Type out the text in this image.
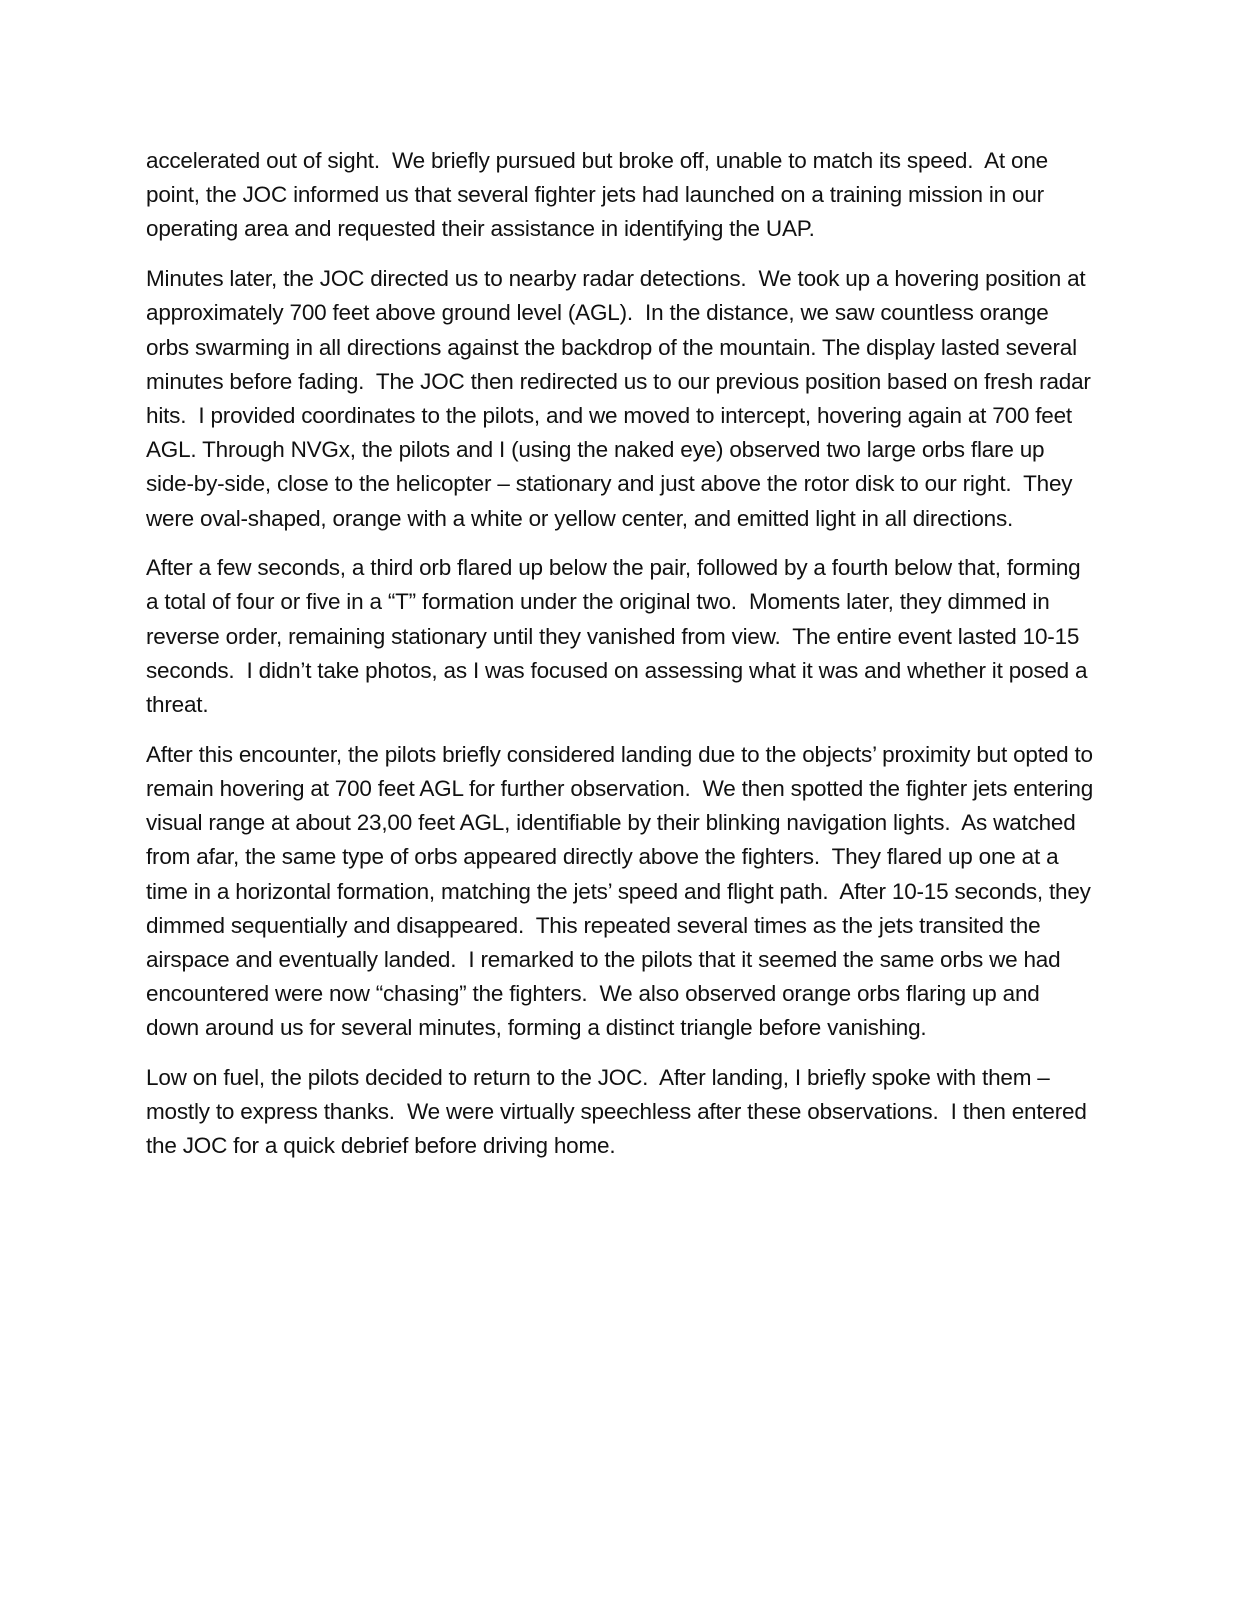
accelerated out of sight.  We briefly pursued but broke off, unable to match its speed.  At one point, the JOC informed us that several fighter jets had launched on a training mission in our operating area and requested their assistance in identifying the UAP.

Minutes later, the JOC directed us to nearby radar detections.  We took up a hovering position at approximately 700 feet above ground level (AGL).  In the distance, we saw countless orange orbs swarming in all directions against the backdrop of the mountain. The display lasted several minutes before fading.  The JOC then redirected us to our previous position based on fresh radar hits.  I provided coordinates to the pilots, and we moved to intercept, hovering again at 700 feet AGL. Through NVGx, the pilots and I (using the naked eye) observed two large orbs flare up side-by-side, close to the helicopter – stationary and just above the rotor disk to our right.  They were oval-shaped, orange with a white or yellow center, and emitted light in all directions.

After a few seconds, a third orb flared up below the pair, followed by a fourth below that, forming a total of four or five in a “T” formation under the original two.  Moments later, they dimmed in reverse order, remaining stationary until they vanished from view.  The entire event lasted 10-15 seconds.  I didn’t take photos, as I was focused on assessing what it was and whether it posed a threat.

After this encounter, the pilots briefly considered landing due to the objects’ proximity but opted to remain hovering at 700 feet AGL for further observation.  We then spotted the fighter jets entering visual range at about 23,00 feet AGL, identifiable by their blinking navigation lights.  As watched from afar, the same type of orbs appeared directly above the fighters.  They flared up one at a time in a horizontal formation, matching the jets’ speed and flight path.  After 10-15 seconds, they dimmed sequentially and disappeared.  This repeated several times as the jets transited the airspace and eventually landed.  I remarked to the pilots that it seemed the same orbs we had encountered were now “chasing” the fighters.  We also observed orange orbs flaring up and down around us for several minutes, forming a distinct triangle before vanishing.

Low on fuel, the pilots decided to return to the JOC.  After landing, I briefly spoke with them – mostly to express thanks.  We were virtually speechless after these observations.  I then entered the JOC for a quick debrief before driving home.
